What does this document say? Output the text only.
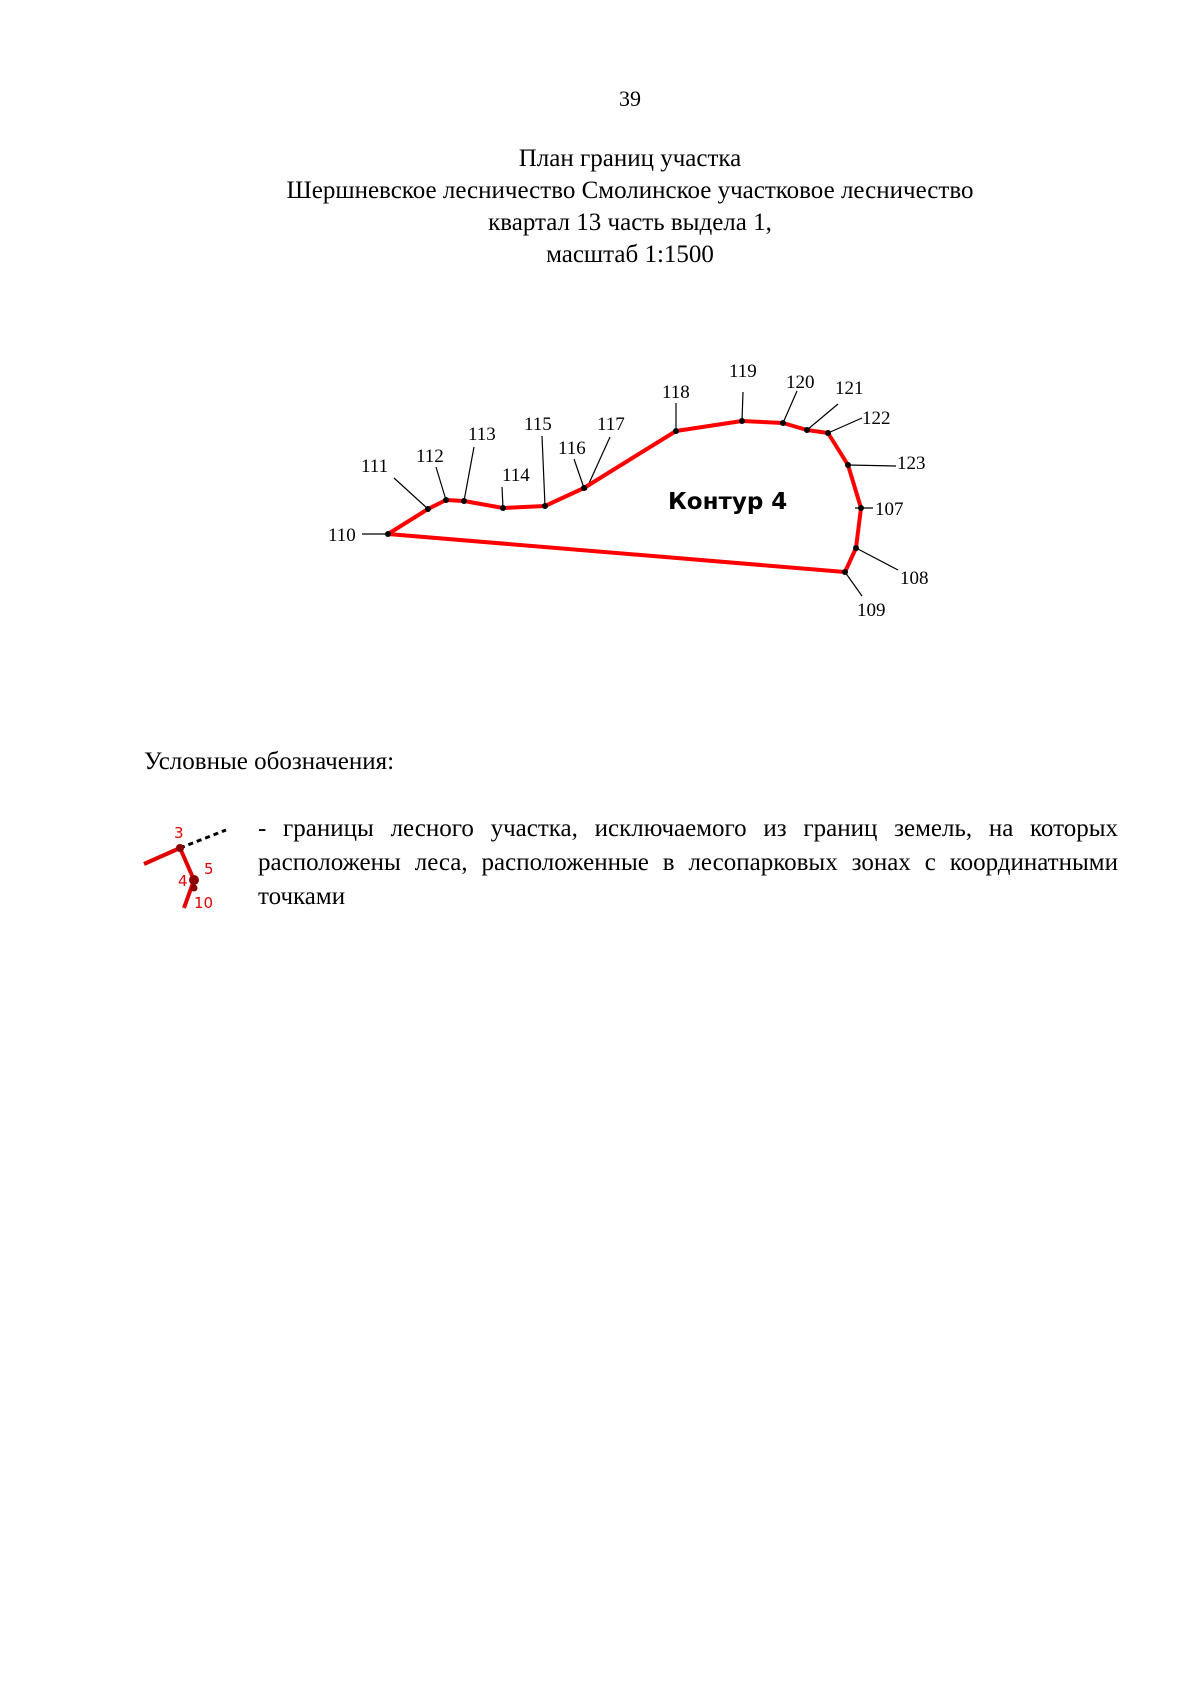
39
План границ участка
Шершневское лесничество Смолинское участковое лесничество
квартал 13 часть выдела 1,
масштаб 1:1500
107
108
109
110
111 112
113
114
115
116
117
118
119
120 121
122
123
Контур 4
Условные обозначения:
3
5
4
10
- границы лесного участка, исключаемого из границ земель, на которых расположены леса, расположенные в лесопарковых зонах с координатными точками
